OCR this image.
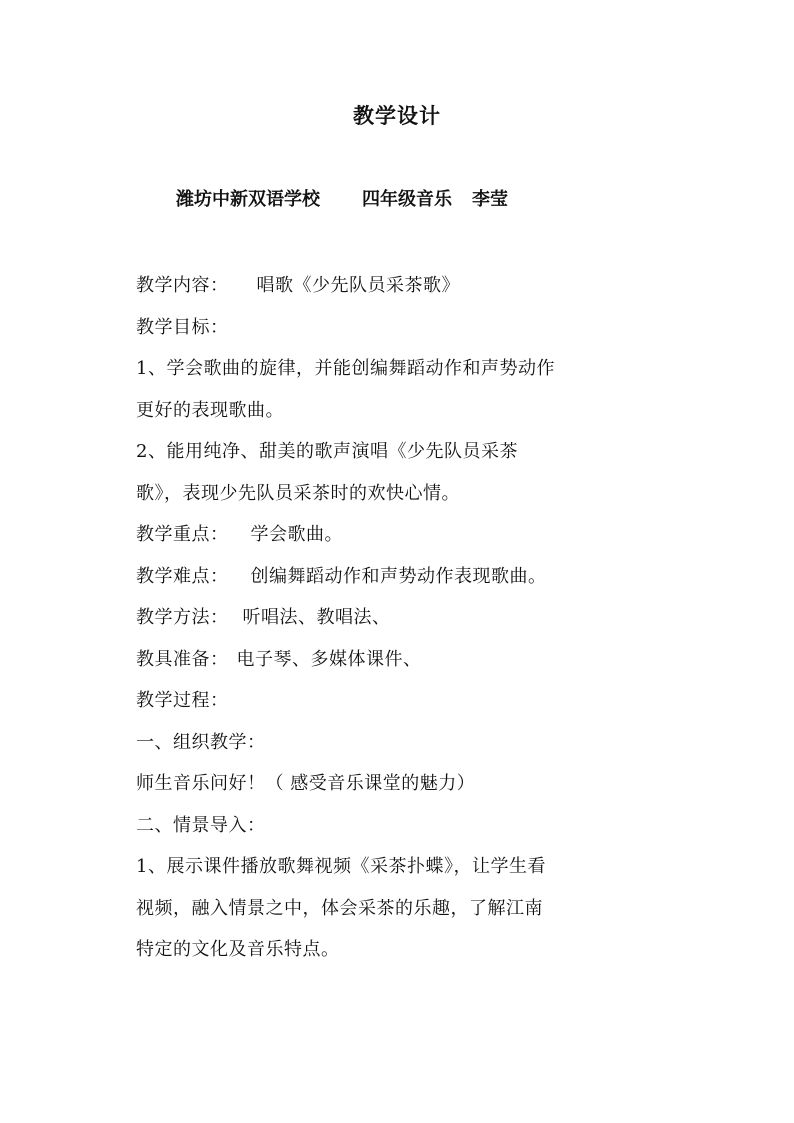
教学设计
潍坊中新双语学校 四年级音乐 李莹
教学内容： 唱歌《少先队员采茶歌》
教学目标：
1、学会歌曲的旋律，并能创编舞蹈动作和声势动作
更好的表现歌曲。
2、能用纯净、甜美的歌声演唱《少先队员采茶
歌》，表现少先队员采茶时的欢快心情。
教学重点： 学会歌曲。
教学难点： 创编舞蹈动作和声势动作表现歌曲。
教学方法： 听唱法、教唱法、
教具准备： 电子琴、多媒体课件、
教学过程：
一、组织教学：
师生音乐问好！（ 感受音乐课堂的魅力）
二、情景导入：
1、展示课件播放歌舞视频《采茶扑蝶》，让学生看
视频，融入情景之中，体会采茶的乐趣，了解江南
特定的文化及音乐特点。
